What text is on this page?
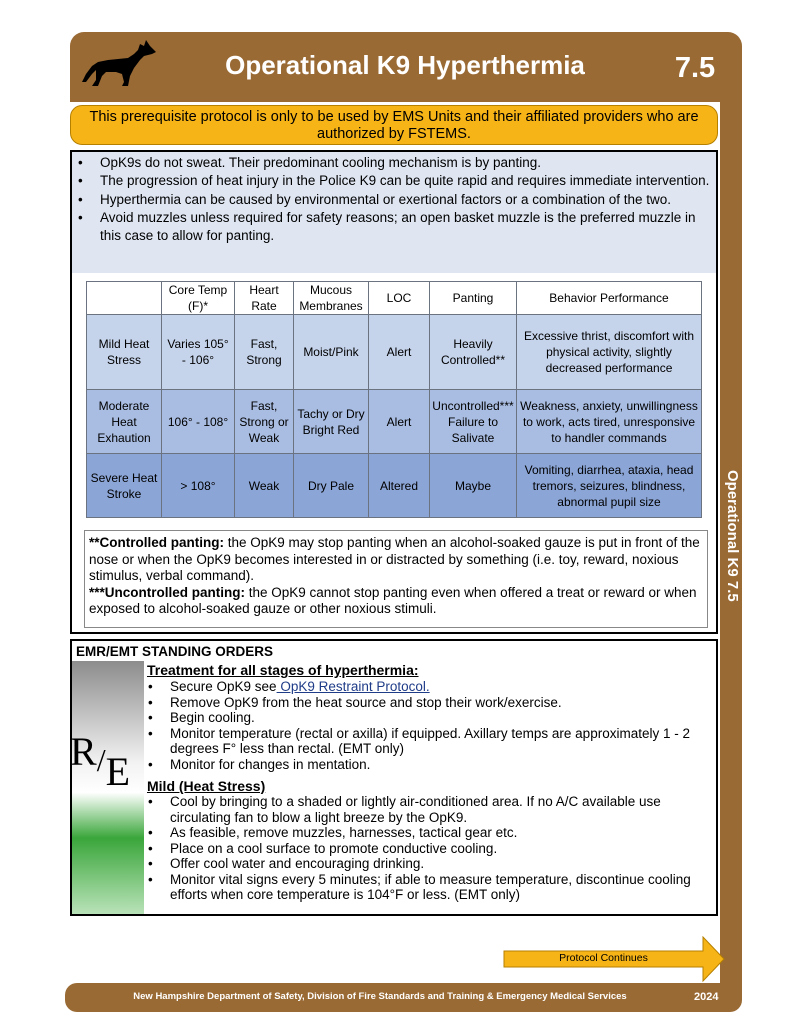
Operational K9 Hyperthermia	7.5
This prerequisite protocol is only to be used by EMS Units and their affiliated providers who are authorized by FSTEMS.
• OpK9s do not sweat. Their predominant cooling mechanism is by panting.
• The progression of heat injury in the Police K9 can be quite rapid and requires immediate intervention.
• Hyperthermia can be caused by environmental or exertional factors or a combination of the two.
• Avoid muzzles unless required for safety reasons; an open basket muzzle is the preferred muzzle in this case to allow for panting.
	Core Temp (F)*	Heart Rate	Mucous Membranes	LOC	Panting	Behavior Performance
Mild Heat Stress	Varies 105° - 106°	Fast, Strong	Moist/Pink	Alert	Heavily Controlled**	Excessive thrist, discomfort with physical activity, slightly decreased performance
Moderate Heat Exhaution	106° - 108°	Fast, Strong or Weak	Tachy or Dry Bright Red	Alert	Uncontrolled*** Failure to Salivate	Weakness, anxiety, unwillingness to work, acts tired, unresponsive to handler commands
Severe Heat Stroke	> 108°	Weak	Dry Pale	Altered	Maybe	Vomiting, diarrhea, ataxia, head tremors, seizures, blindness, abnormal pupil size
**Controlled panting: the OpK9 may stop panting when an alcohol-soaked gauze is put in front of the nose or when the OpK9 becomes interested in or distracted by something (i.e. toy, reward, noxious stimulus, verbal command).
***Uncontrolled panting: the OpK9 cannot stop panting even when offered a treat or reward or when exposed to alcohol-soaked gauze or other noxious stimuli.
R/E
EMR/EMT STANDING ORDERS
Treatment for all stages of hyperthermia:
• Secure OpK9 see OpK9 Restraint Protocol.
• Remove OpK9 from the heat source and stop their work/exercise.
• Begin cooling.
• Monitor temperature (rectal or axilla) if equipped. Axillary temps are approximately 1 - 2 degrees F° less than rectal. (EMT only)
• Monitor for changes in mentation.
Mild (Heat Stress)
• Cool by bringing to a shaded or lightly air-conditioned area. If no A/C available use circulating fan to blow a light breeze by the OpK9.
• As feasible, remove muzzles, harnesses, tactical gear etc.
• Place on a cool surface to promote conductive cooling.
• Offer cool water and encouraging drinking.
• Monitor vital signs every 5 minutes; if able to measure temperature, discontinue cooling efforts when core temperature is 104°F or less. (EMT only)
Operational K9 7.5
Protocol Continues
New Hampshire Department of Safety, Division of Fire Standards and Training & Emergency Medical Services	2024
